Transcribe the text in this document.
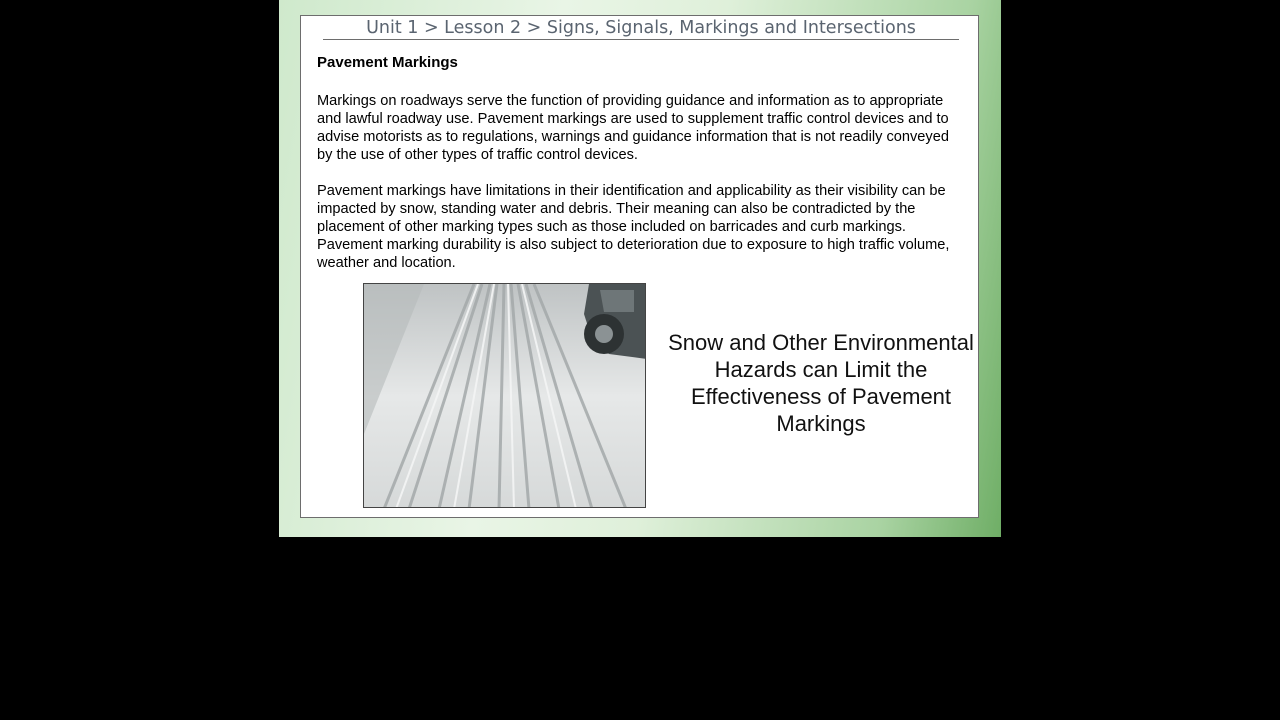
Unit 1 > Lesson 2 > Signs, Signals, Markings and Intersections
Pavement Markings

Markings on roadways serve the function of providing guidance and information as to appropriate and lawful roadway use. Pavement markings are used to supplement traffic control devices and to advise motorists as to regulations, warnings and guidance information that is not readily conveyed by the use of other types of traffic control devices.

Pavement markings have limitations in their identification and applicability as their visibility can be impacted by snow, standing water and debris. Their meaning can also be contradicted by the placement of other marking types such as those included on barricades and curb markings. Pavement marking durability is also subject to deterioration due to exposure to high traffic volume, weather and location.

Snow and Other Environmental Hazards can Limit the Effectiveness of Pavement Markings
